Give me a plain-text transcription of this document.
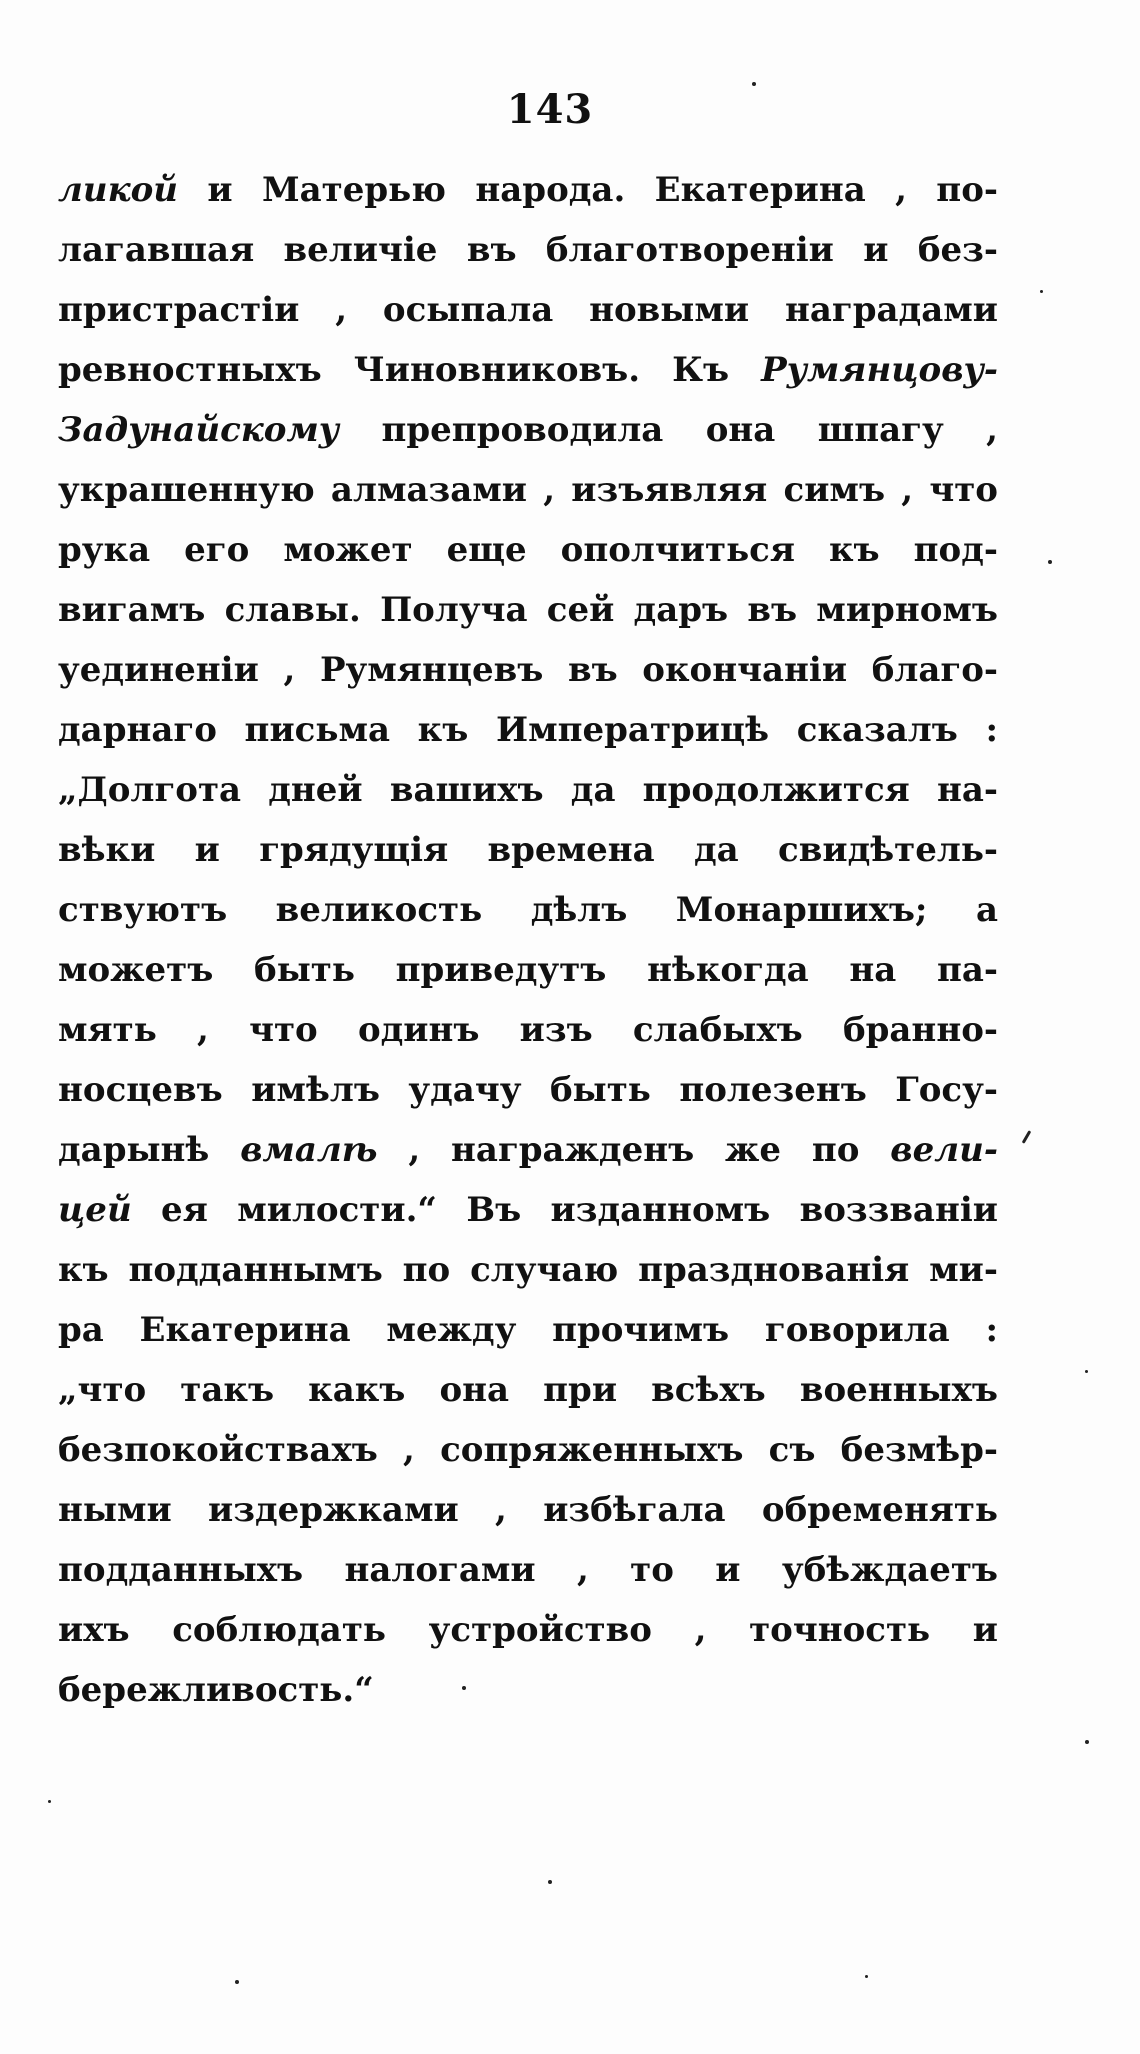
143
ликой и Матерью народа. Екатерина , по-
лагавшая величіе въ благотвореніи и без-
пристрастіи , осыпала новыми наградами
ревностныхъ Чиновниковъ. Къ Румянцову-
Задунайскому препроводила она шпагу ,
украшенную алмазами , изъявляя симъ , что
рука его может еще ополчиться къ под-
вигамъ славы. Получа сей даръ въ мирномъ
уединеніи , Румянцевъ въ окончаніи благо-
дарнаго письма къ Императрицѣ сказалъ :
„Долгота дней вашихъ да продолжится на-
вѣки и грядущія времена да свидѣтель-
ствуютъ великость дѣлъ Монаршихъ; а
можетъ быть приведутъ нѣкогда на па-
мять , что одинъ изъ слабыхъ бранно-
носцевъ имѣлъ удачу быть полезенъ Госу-
дарынѣ вмалѣ , награжденъ же по вели-
цей ея милости.“ Въ изданномъ воззваніи
къ подданнымъ по случаю празднованія ми-
ра Екатерина между прочимъ говорила :
„что такъ какъ она при всѣхъ военныхъ
безпокойствахъ , сопряженныхъ съ безмѣр-
ными издержками , избѣгала обременять
подданныхъ налогами , то и убѣждаетъ
ихъ соблюдать устройство , точность и
бережливость.“
